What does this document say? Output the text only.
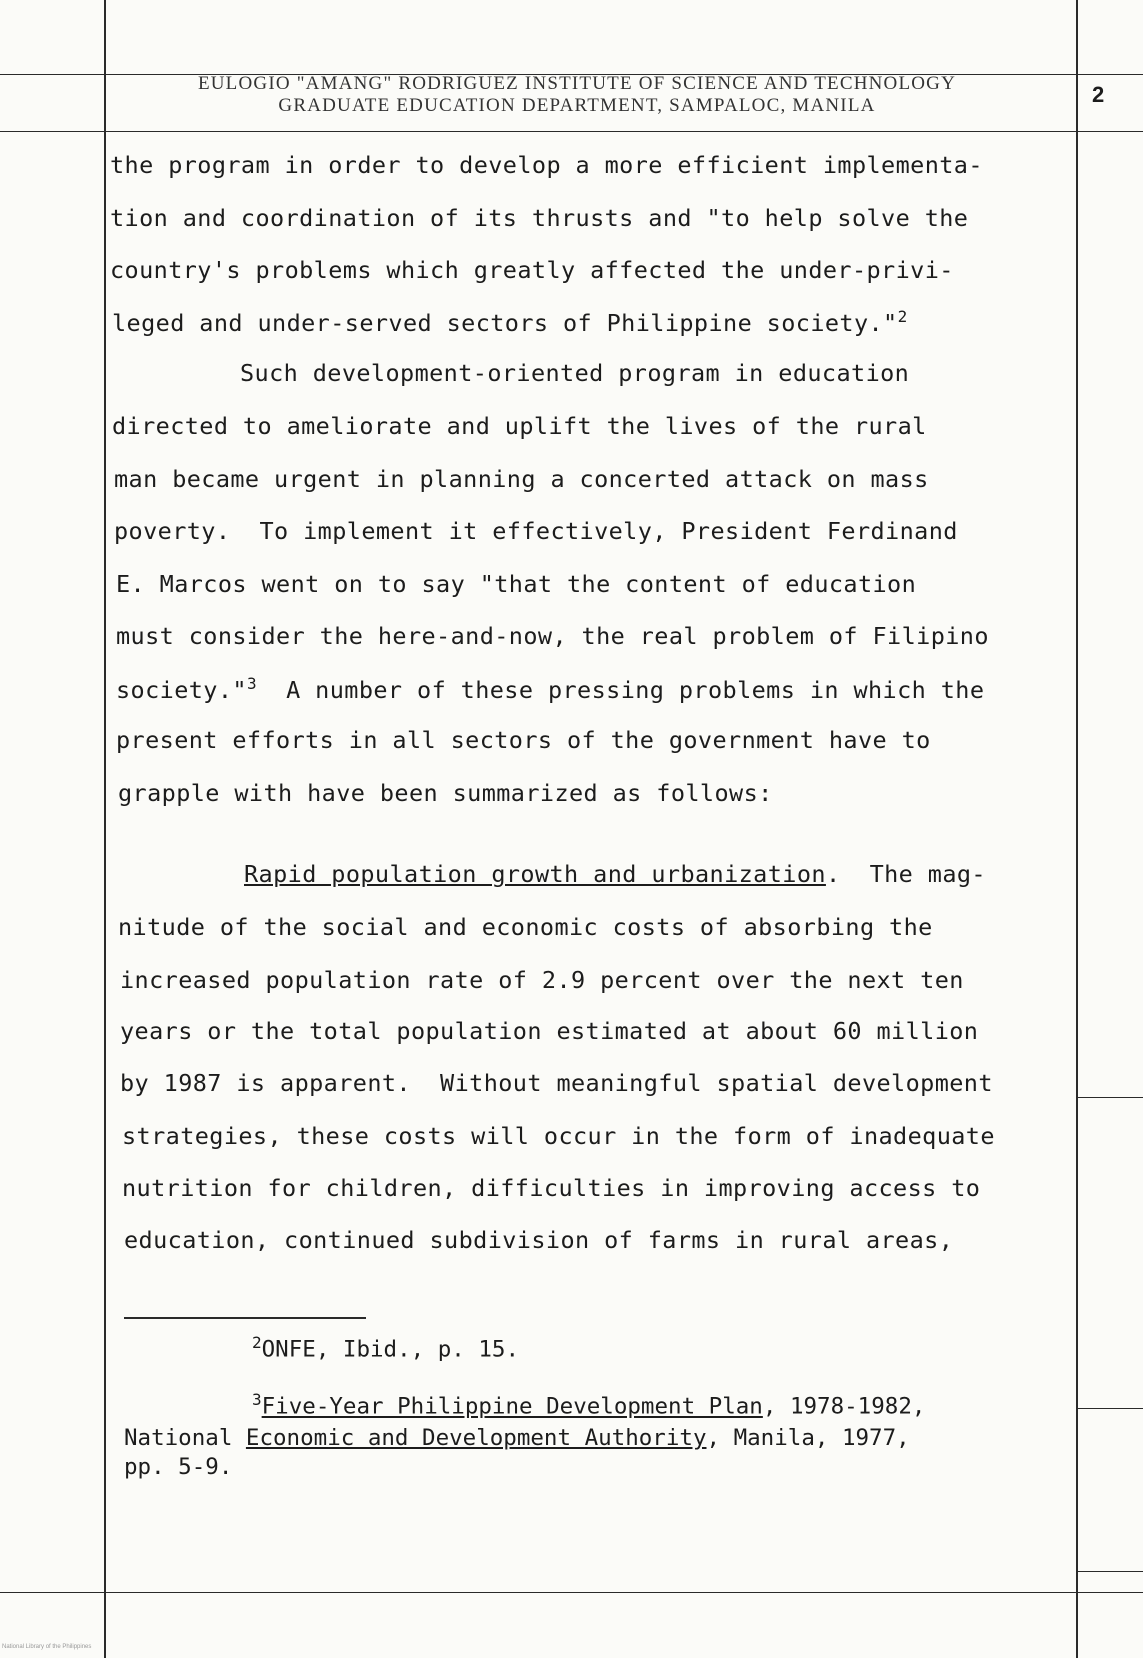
EULOGIO "AMANG" RODRIGUEZ INSTITUTE OF SCIENCE AND TECHNOLOGY
GRADUATE EDUCATION DEPARTMENT, SAMPALOC, MANILA	2
the program in order to develop a more efficient implementa-
tion and coordination of its thrusts and "to help solve the
country's problems which greatly affected the under-privi-
leged and under-served sectors of Philippine society."$^2$
Such development-oriented program in education
directed to ameliorate and uplift the lives of the rural
man became urgent in planning a concerted attack on mass
poverty.  To implement it effectively, President Ferdinand
E. Marcos went on to say "that the content of education
must consider the here-and-now, the real problem of Filipino
society."$^3$  A number of these pressing problems in which the
present efforts in all sectors of the government have to
grapple with have been summarized as follows:
Rapid population growth and urbanization.  The mag-
nitude of the social and economic costs of absorbing the
increased population rate of 2.9 percent over the next ten
years or the total population estimated at about 60 million
by 1987 is apparent.  Without meaningful spatial development
strategies, these costs will occur in the form of inadequate
nutrition for children, difficulties in improving access to
education, continued subdivision of farms in rural areas,
$^2$ONFE, Ibid., p. 15.
$^3$Five-Year Philippine Development Plan, 1978-1982,
National Economic and Development Authority, Manila, 1977,
pp. 5-9.
National Library of the Philippines
